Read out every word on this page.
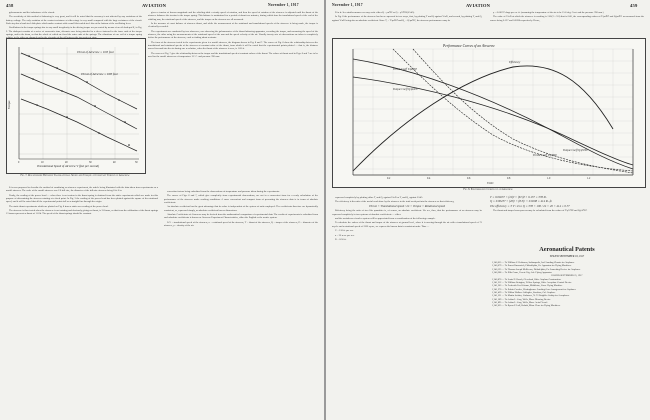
458	AVIATION	November 1, 1917

galvanometer and the inductance of the circuit.

The sensitivity of this method of balancing is very great, and it will be noted that the accuracy is not affected by any variations of the battery voltage. The only variation of the contact resistance at either stage is very small compared with the large resistance of the circuit. Each step has a hard steel disk plate which makes contact with a small flat-ended steel disc at the bottom of the oscillating lever.

Oscillations in the torque springs due to any small irregularity in the driving torque are prevented by means of an oil dash-pot K, in Fig. 2. The dash-pot consists of a series of concentric rims, alternate ones being attached to a sleeve fastened to the inner ends of the torque springs, and to the drum, so that the whole of which are fixed the outer ends of the springs. The vibrations of one coil of a torque spring

Thrust of Airscrew = 0.95 foot
Thrust of Airscrew = 0.85 foot
Translational Speed of Airscrew V (feet per second)
Torque
0	10	20	30	40	50
Fig. 7. Relationship Between Translational Speed and Torque at Constant Thrust of Airscrew

given a tension of known magnitude and the whirling table a steady speed of rotation, and then the speed of rotation of the airscrew is adjusted until the thrust of the airscrew balances the tension in the torque spring. This balance is maintained for a period of about two minutes, during which time the translational speed of the end of the whirling arm, the rotational speed of the airscrew, and the torque on the airscrew are all measured.

In the measure of exact balance of airscrew thrust, and while the measurement of the rotational and translational speeds of the airscrew is being made, the torque is electrically recorded.

The experiments are conducted by two observers, one observing the galvanometer of the thrust balancing apparatus, recording the torque, and measuring the speed of the airscrew, the other using the measurements of the rotational speed of the arm and the speed velocity of the air. Usually twenty sets of observations are taken to completely define the performance of the airscrew, each set taking about a minute.

The form of the airscrew tested in the experiments given is a model airscrew, the diagram shown in Fig. 8 and 7. The curves of Fig. 6 show the relationship between the translational and rotational speeds of the airscrew at constant value of the thrust, from which it will be noted that the experimental points plotted — that is, the distance moved forward into the air during one revolution, when the thrust of the airscrew is zero, is 1.85 ft.

The curves of Fig. 7 give the relationship between the torque and the translational speed at constant values of the thrust. The values of thrust used in Figs. 6 and 7 are to be used for the model airscrews of temperature 15° C. and pressure 760 mm.

It is now proposed to describe the method of combining on airscrew experiment, the article being illustrated with the data taken from experiments on a model airscrew. The scale of the model airscrew was 1/8 full size, the diameter of the full-size airscrew being 8 ft. 6 in.

Firstly, the reading of the power head — when there is no tension in the thrust spring is obtained from the static experiments which are made for this purpose of determining the airscrew rotating at a fixed point. In Fig. 3 the reading of the power head has been plotted against the square of the rotational speed, and it will be noted that all the experimental points fall on a straight line through the origin.

The static thrust experiments which are plotted on Fig. 6 from a static zero reading of the power head.

The airscrew is then tested when the airscrew is not rotating and obviously giving no thrust, is 3.8 turns, so that from the calibration of the thrust springs 13 turns represents a thrust of 1.8 lb. The speed of the thrust springs should be constant.

correction factors being calculated from the observations of temperature and pressure taken during the experiments.

The curves of Figs. 6 and 7, which give completely from experimental observations, are not in a convenient form for a ready calculation of the performance of the airscrew under working conditions. A more convenient and compact form of presenting the airscrew data is in terms of absolute coefficients.

An absolute coefficient has the great advantage that its value is independent of the system of units employed. The coefficients therefore are dynamically consistent, or, expressed simply, an absolute coefficient has no dimensions.

Absolute Coefficients of Airscrews may be derived from the mathematical comparison of experimental data. The results of experiments is calculated from such absolute coefficients is known as Airscrew Experiment Characteristics, either the English or the metric system.

If V = translational speed of the airscrew, n = rotational speed of the airscrew, T = thrust of the airscrew, Q = torque of the airscrew, D = diameter of the airscrew, ρ = density of the air.

November 1, 1917	AVIATION	459

D in ft. In a similar manner we may write either Q = ρn²D⁵ or Q = ρV²D³f(V/nD).

In Fig. 8 the performance of the airscrew has been expressed in two ways, first, by plotting T and Q against V/nD, and second, by plotting T, and Q, against V/nD being also an absolute coefficient. Since T, = T/ρn²D⁴ and Q, = Q/ρn²D⁵, the airscrew performances may be

ρ = 0.00237 slugs per cu. ft. (assuming the temperature of the air to be 15.6 deg. Cent. and the pressure 760 mm.)

The value of V/nD at which the airscrew is working is 110/(2 × 9.0) that is 0.60, the corresponding values of T/ρn²D⁴ and Q/ρn²D⁵ as measured from the curves being 0.137 and 0.0208 respectively. Hence,

Performance Curves of an Airscrew
Thrust Coeff T/ρn²D⁴
Torque Coeff Q/ρn²D⁵
Efficiency
Thrust Coeff T/ρV²D²
Torque Coeff Q/ρV²D³
V/nD
0.2	0.4	0.6	0.8	1.0	1.2
Fig. 8. Performance Curves of an Airscrew

expressed completely by plotting either T, and Q, against V/nD or T, and Q, against V/nD.

The efficiency is the ratio of the useful work done by the airscrew to the total work put into the airscrew so that efficiency,

Thrust × Translational speed / 2π × Torque × Rotational speed

Efficiency being the ratio of two like quantities is, of course, an absolute coefficient. We see, then, that the performance of an airscrew may be expressed completely in two systems of absolute coefficients — either

and the usefulness of such a system will be appreciated from a consideration of the following example.

To calculate the values of the thrust and torque of the airscrew at ground level, when it is moving through the air with a translational speed of 75 m.p.h. and a rotational speed of 1200 r.p.m., we express the known data in consistent units. Thus —

V = 110 ft. per sec.

n = 20 revs. per sec.

D = 8.50 ft.

T = 0.00237 × (20)² × (8.5)⁴ × 0.137 = 378 lb.

Q = 0.00237 × (20)² × (8.5)⁵ × 0.0208 = 414 lb.-ft.

The efficiency = T V / 2π n Q = 378 × 100 / 2π × 20 × 414 = 0.77

The thrust and torque horse-powers may be calculated from the values of T/ρV²D² and Q/ρV²D³.

Aeronautical Patents
ISSUED SEPTEMBER 18, 1917
1,240,055 — To William C. Robinson, Indianapolis, Ind. Landing-Chassis for Airplanes.
1,240,079 — To Ernest Brunswick, Philadelphia, Pa. Apparatus for Flying Machines.
1,240,135 — To Thomas Joseph McKeown, Philadelphia, Pa. Launching Device for Airplanes.
1,240,368 — To Ellis Crane, Forest City, Ark. Flying Apparatus.
ISSUED SEPTEMBER 25, 1917
1,240,670 — To Louis N. Roach, Cleveland, Ohio. Airplane Construction.
1,241,212 — To William Ovington, Yellow Springs, Ohio. Aeroplane Control Device.
1,241,303 — To Frederick Fred Grimm, Middleton, Conn. Flying Machine.
1,241,370 — To Edwin Crocker, Westinghouse. Landing Gear Arrangement for Airplanes.
1,241,439 — To Wilbur Wallace Gallagher, Stockton, Cal. Airplane.
1,241,521 — To Martin Jenkins, Cashmere, N. Y. Dirigible Airship for Aeroplanes.
1,241,569 — To Arthur L. Gray, Wells, Mass. Mooring Device.
1,241,895 — To Arthur L. Gray, Wells, Mass. Aerial Vessel.
1,242,025 — To Byron P. Lull, Duluth, Minn. Fluer for Flying Machines.
